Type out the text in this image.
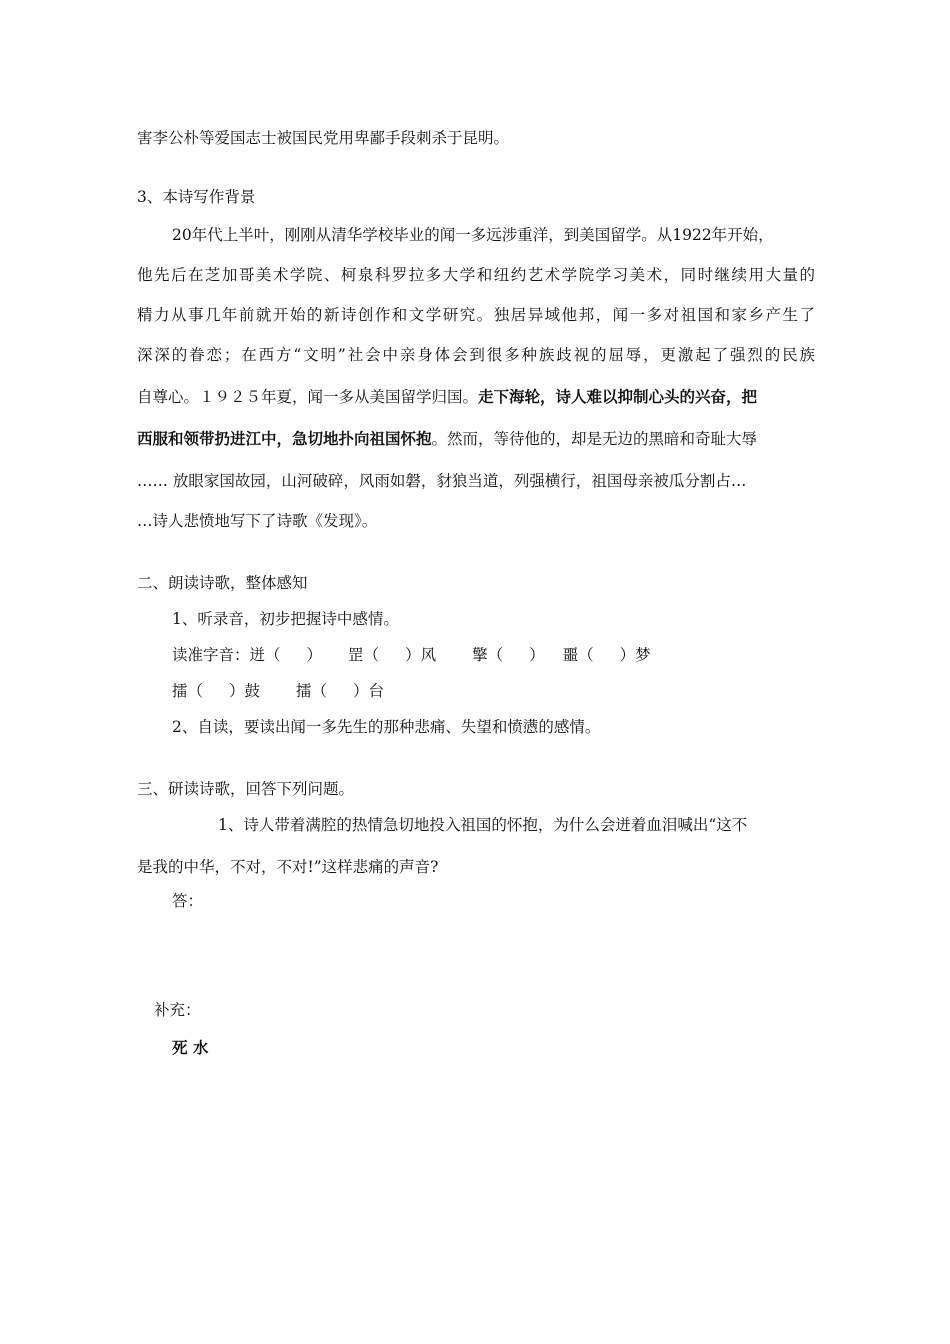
害李公朴等爱国志士被国民党用卑鄙手段刺杀于昆明。
3、本诗写作背景
20年代上半叶，刚刚从清华学校毕业的闻一多远涉重洋，到美国留学。从1922年开始，
他先后在芝加哥美术学院、柯泉科罗拉多大学和纽约艺术学院学习美术，同时继续用大量的
精力从事几年前就开始的新诗创作和文学研究。独居异域他邦，闻一多对祖国和家乡产生了
深深的眷恋；在西方“文明”社会中亲身体会到很多种族歧视的屈辱，更激起了强烈的民族
自尊心。１９２５年夏，闻一多从美国留学归国。走下海轮，诗人难以抑制心头的兴奋，把
西服和领带扔进江中，急切地扑向祖国怀抱。然而，等待他的，却是无边的黑暗和奇耻大辱
…… 放眼家国故园，山河破碎，风雨如磐，豺狼当道，列强横行，祖国母亲被瓜分割占…
…诗人悲愤地写下了诗歌《发现》。
二、朗读诗歌，整体感知
1、听录音，初步把握诗中感情。
读准字音：迸（ ） 罡（ ）风 擎（ ） 噩（ ）梦
擂（ ）鼓 擂（ ）台
2、自读，要读出闻一多先生的那种悲痛、失望和愤懑的感情。
三、研读诗歌，回答下列问题。
1、诗人带着满腔的热情急切地投入祖国的怀抱，为什么会迸着血泪喊出“这不
是我的中华，不对，不对!”这样悲痛的声音?
答：
补充：
死 水
